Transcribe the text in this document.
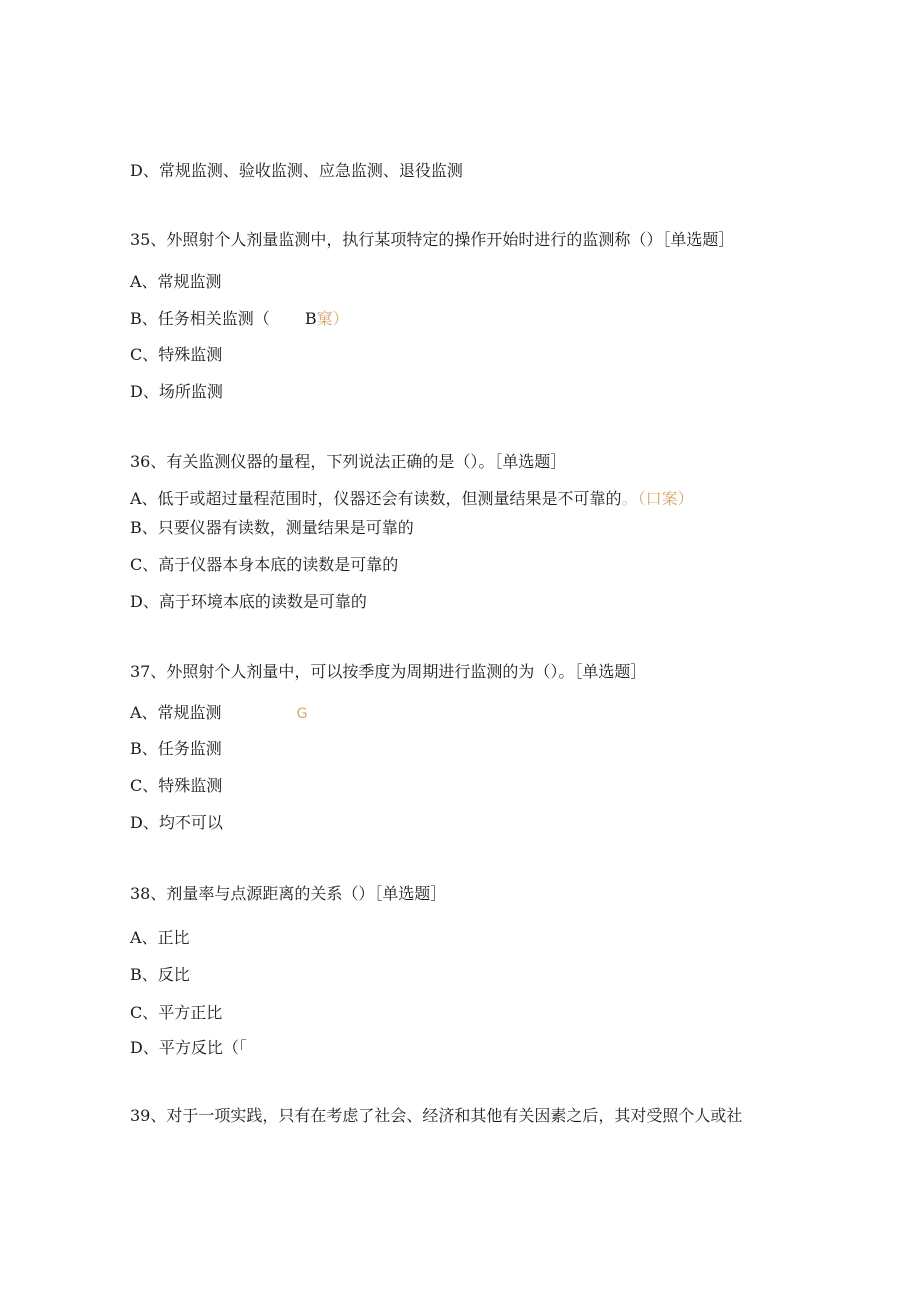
D、常规监测、验收监测、应急监测、退役监测
35、外照射个人剂量监测中，执行某项特定的操作开始时进行的监测称（）［单选题］
A、常规监测
B、任务相关监测（ B窠）
C、特殊监测
D、场所监测
36、有关监测仪器的量程，下列说法正确的是（）。［单选题］
A、低于或超过量程范围时，仪器还会有读数，但测量结果是不可靠的。（口案）
B、只要仪器有读数，测量结果是可靠的
C、高于仪器本身本底的读数是可靠的
D、高于环境本底的读数是可靠的
37、外照射个人剂量中，可以按季度为周期进行监测的为（）。［单选题］
A、常规监测	G
B、任务监测
C、特殊监测
D、均不可以
38、剂量率与点源距离的关系（）［单选题］
A、正比
B、反比
C、平方正比
D、平方反比（「
39、对于一项实践，只有在考虑了社会、经济和其他有关因素之后，其对受照个人或社
